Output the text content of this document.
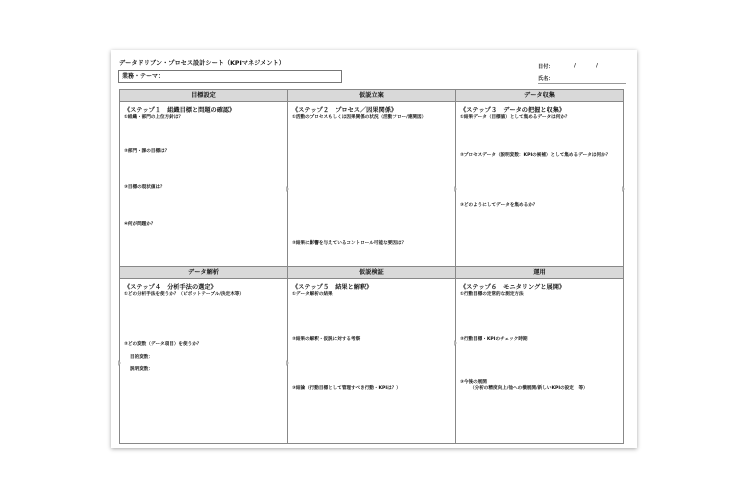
データドリブン・プロセス設計シート（KPIマネジメント）
業務・テーマ：
日付：	/	/
氏名：
目標設定
《ステップ１　組織目標と問題の確認》
①組織・部門の上位方針は？
②部門・課の目標は？
③目標の現状値は？
④何が問題か？
仮説立案
《ステップ２　プロセス／因果関係》
①活動のプロセスもしくは因果関係の状況（活動フロー/連関図）
②結果に影響を与えているコントロール可能な要因は？
データ収集
《ステップ３　データの把握と収集》
①結果データ（目標値）として集めるデータは何か？
②プロセスデータ（説明変数：KPIの候補）として集めるデータは何か？
③どのようにしてデータを集めるか？
データ解析
《ステップ４　分析手法の選定》
①どの分析手法を使うか？（ピボットテーブル/決定木等）
②どの変数（データ項目）を使うか？
目的変数：
説明変数：
仮説検証
《ステップ５　結果と解釈》
①データ解析の結果
②結果の解釈・仮説に対する考察
③結論（行動目標として管理すべき行動・KPIは？）
運用
《ステップ６　モニタリングと展開》
①行動目標の定常的な測定方法
②行動目標・KPIのチェック時期
③今後の展開
（分析の精度向上/他への横展開/新しいKPIの設定　等）
